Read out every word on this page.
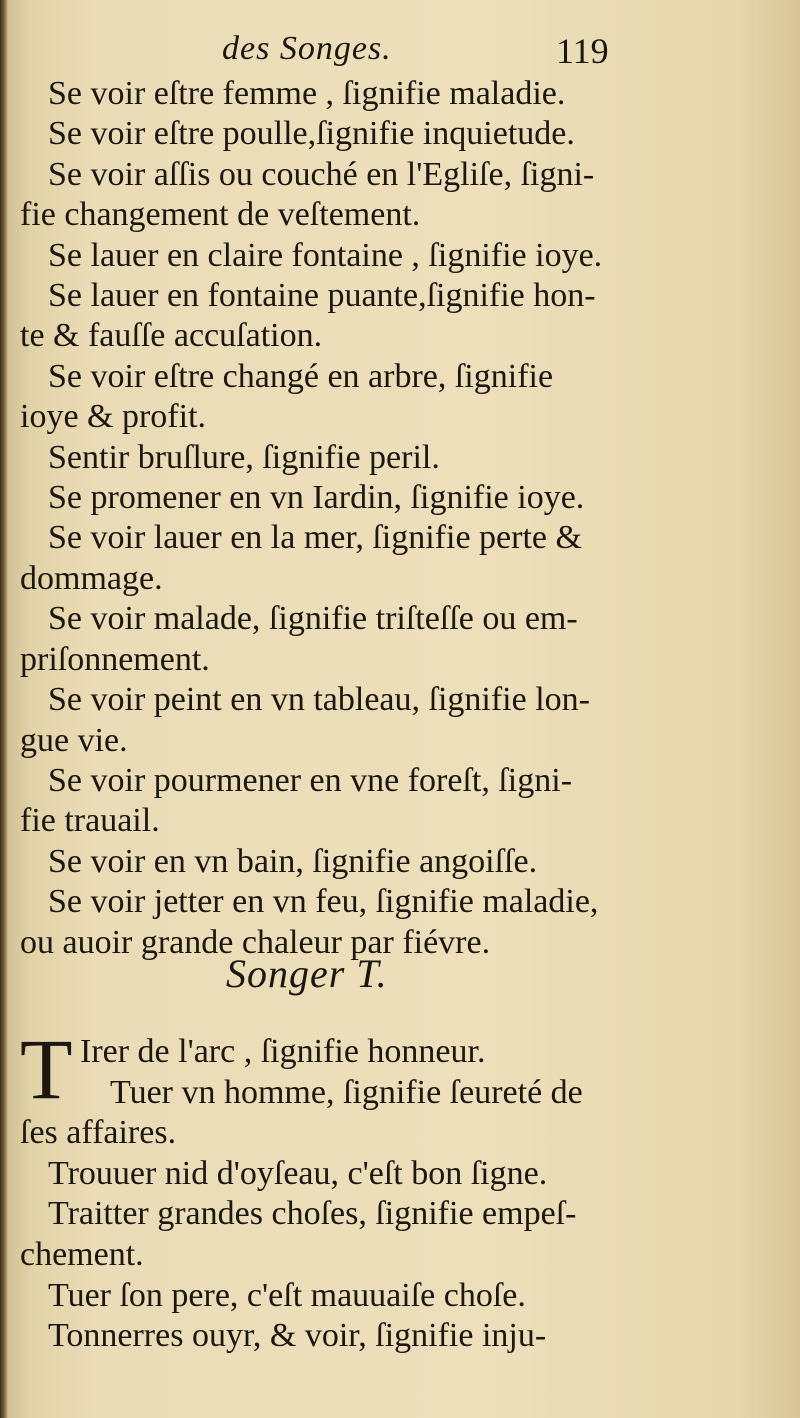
des Songes.	119
Se voir eſtre femme , ſignifie maladie.
Se voir eſtre poulle,ſignifie inquietude.
Se voir aſſis ou couché en l'Egliſe, ſigni-
fie changement de veſtement.
Se lauer en claire fontaine , ſignifie ioye.
Se lauer en fontaine puante,ſignifie hon-
te & fauſſe accuſation.
Se voir eſtre changé en arbre, ſignifie
ioye & profit.
Sentir bruſlure, ſignifie peril.
Se promener en vn Iardin, ſignifie ioye.
Se voir lauer en la mer, ſignifie perte &
dommage.
Se voir malade, ſignifie triſteſſe ou em-
priſonnement.
Se voir peint en vn tableau, ſignifie lon-
gue vie.
Se voir pourmener en vne foreſt, ſigni-
fie trauail.
Se voir en vn bain, ſignifie angoiſſe.
Se voir jetter en vn feu, ſignifie maladie,
ou auoir grande chaleur par fiévre.
Songer T.
T Irer de l'arc , ſignifie honneur.
Tuer vn homme, ſignifie ſeureté de
ſes affaires.
Trouuer nid d'oyſeau, c'eſt bon ſigne.
Traitter grandes choſes, ſignifie empeſ-
chement.
Tuer ſon pere, c'eſt mauuaiſe choſe.
Tonnerres ouyr, & voir, ſignifie inju-
